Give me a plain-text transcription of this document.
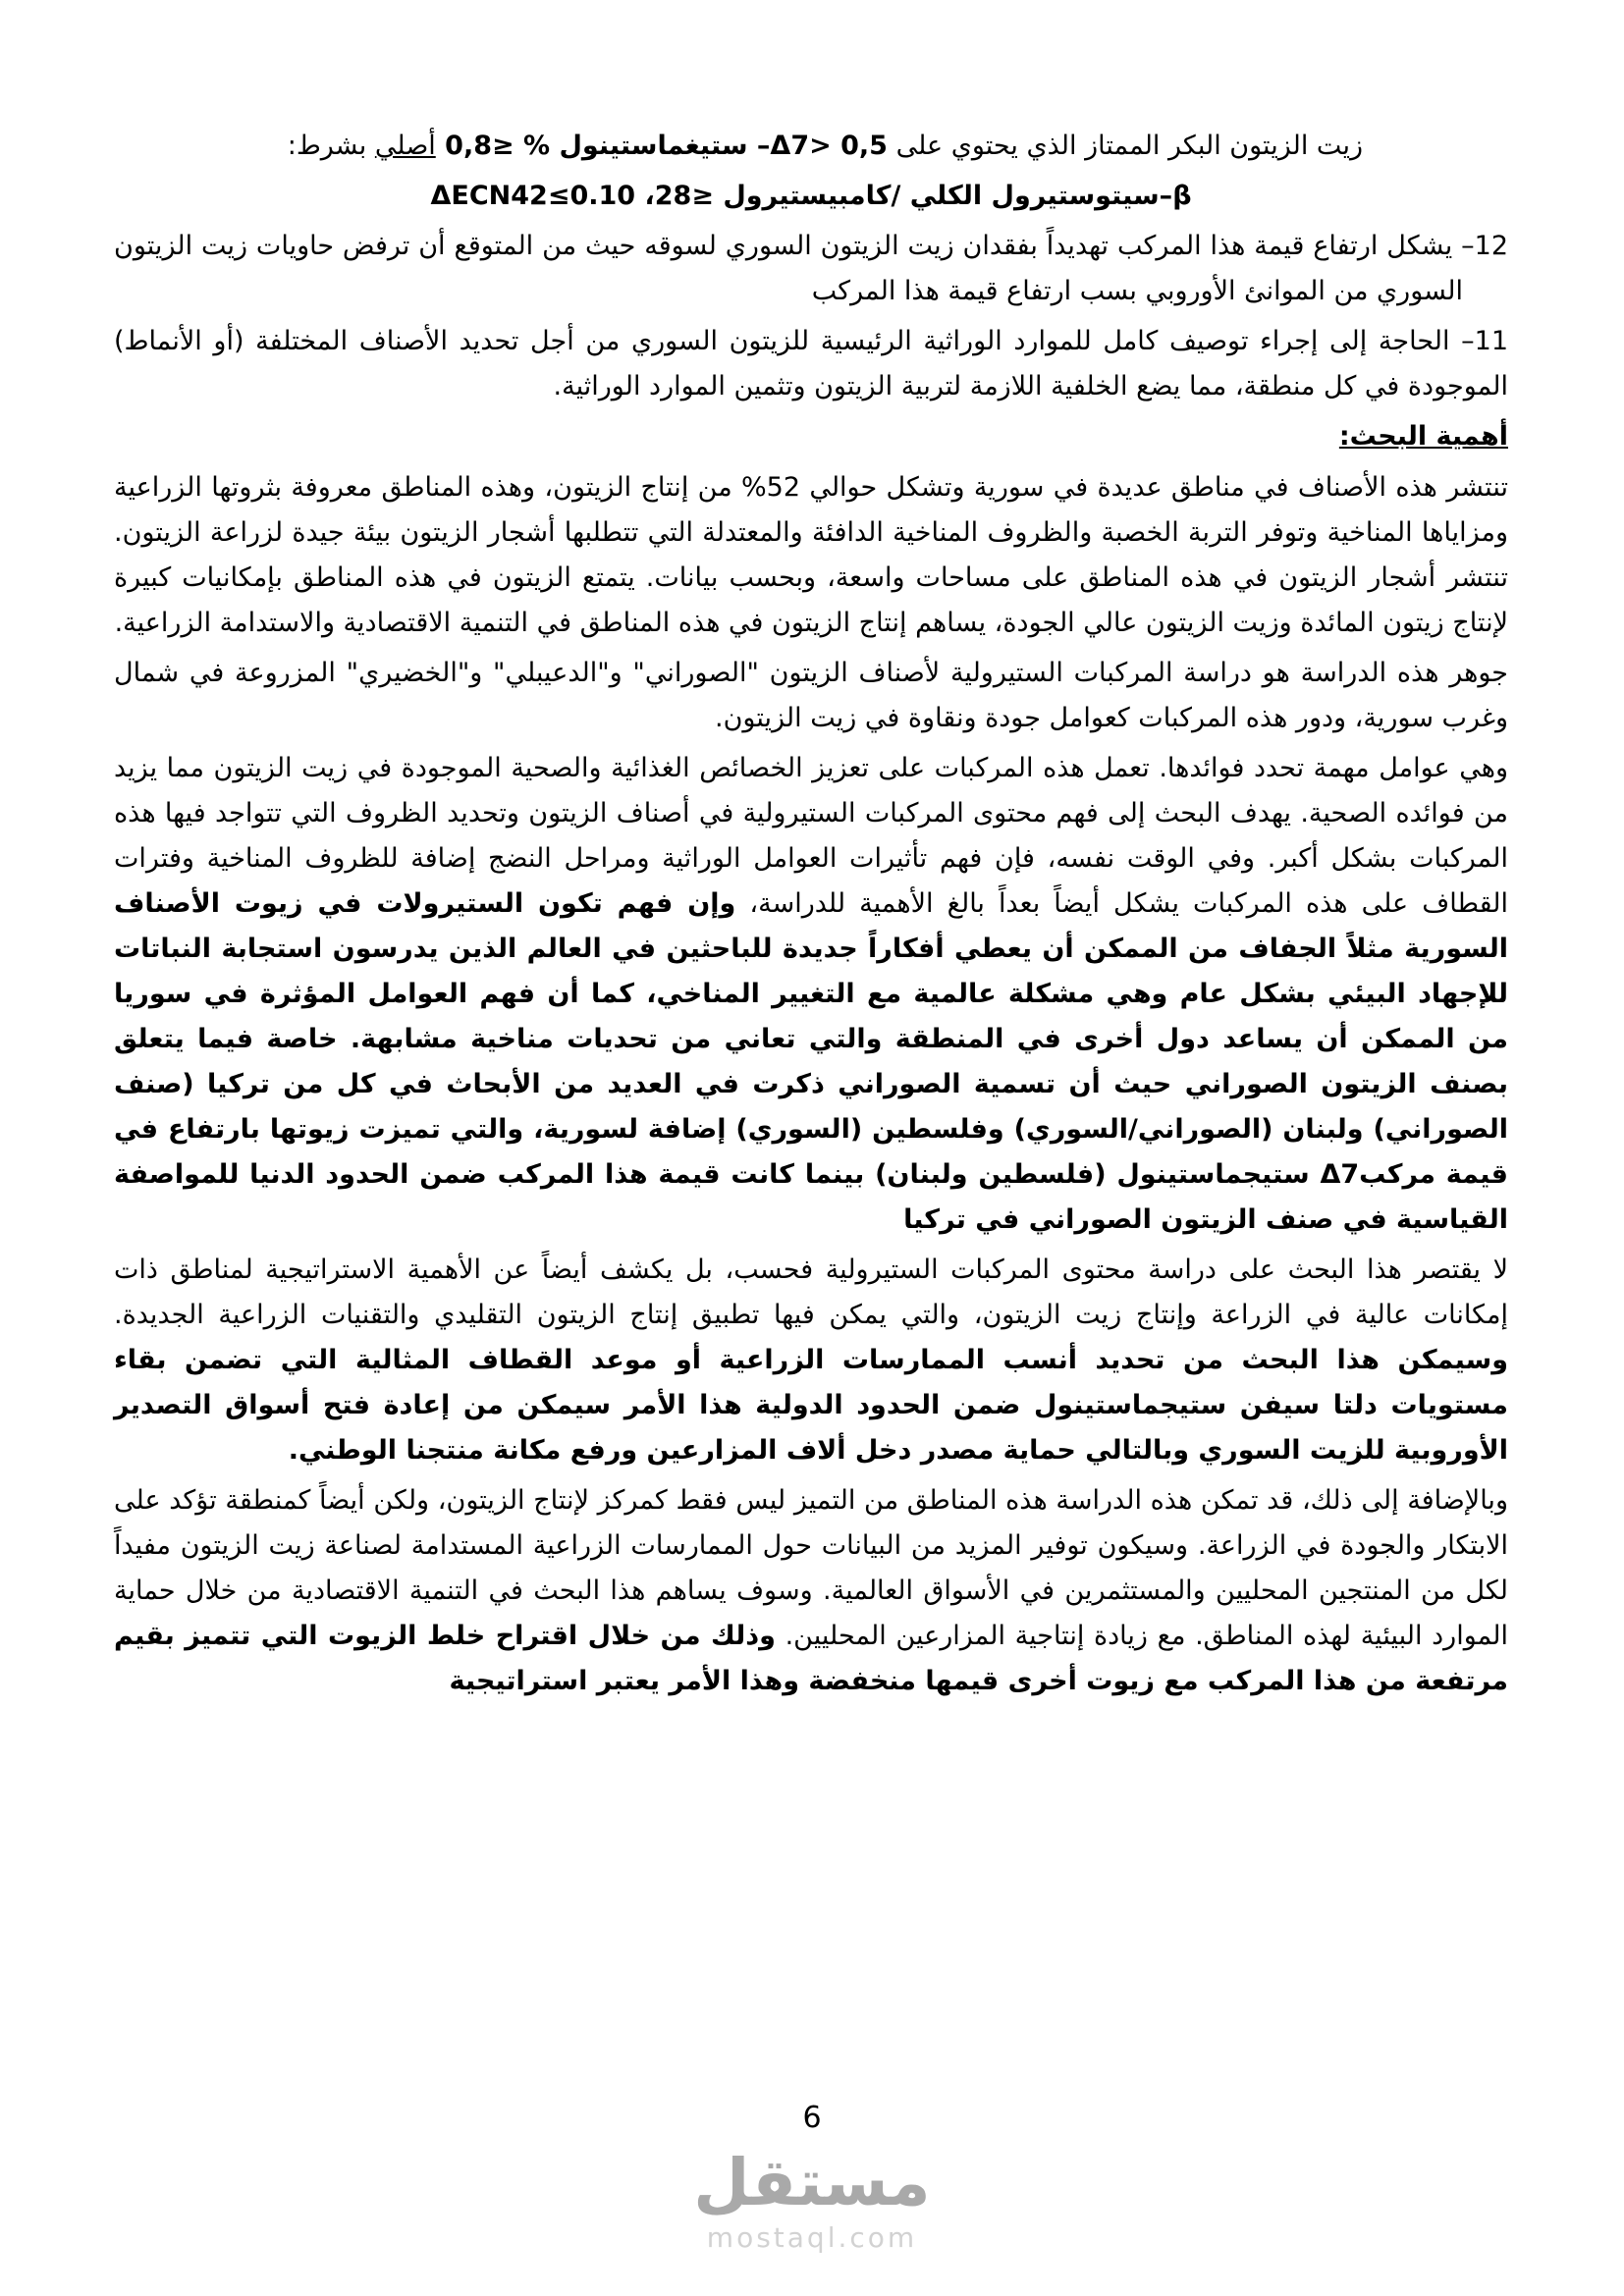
زيت الزيتون البكر الممتاز الذي يحتوي على 0,5 <Δ7– ستيغماستينول % ≤0,8 أصلي بشرط:

β–سيتوستيرول الكلي /كامبيستيرول ≤28، 0.10≥ΔECN42

12– يشكل ارتفاع قيمة هذا المركب تهديداً بفقدان زيت الزيتون السوري لسوقه حيث من المتوقع أن ترفض حاويات زيت الزيتون السوري من الموانئ الأوروبي بسب ارتفاع قيمة هذا المركب

11– الحاجة إلى إجراء توصيف كامل للموارد الوراثية الرئيسية للزيتون السوري من أجل تحديد الأصناف المختلفة (أو الأنماط) الموجودة في كل منطقة، مما يضع الخلفية اللازمة لتربية الزيتون وتثمين الموارد الوراثية.

أهمية البحث:

تنتشر هذه الأصناف في مناطق عديدة في سورية وتشكل حوالي 52% من إنتاج الزيتون، وهذه المناطق معروفة بثروتها الزراعية ومزاياها المناخية وتوفر التربة الخصبة والظروف المناخية الدافئة والمعتدلة التي تتطلبها أشجار الزيتون بيئة جيدة لزراعة الزيتون. تنتشر أشجار الزيتون في هذه المناطق على مساحات واسعة، وبحسب بيانات. يتمتع الزيتون في هذه المناطق بإمكانيات كبيرة لإنتاج زيتون المائدة وزيت الزيتون عالي الجودة، يساهم إنتاج الزيتون في هذه المناطق في التنمية الاقتصادية والاستدامة الزراعية.

جوهر هذه الدراسة هو دراسة المركبات الستيرولية لأصناف الزيتون "الصوراني" و"الدعيبلي" و"الخضيري" المزروعة في شمال وغرب سورية، ودور هذه المركبات كعوامل جودة ونقاوة في زيت الزيتون.

وهي عوامل مهمة تحدد فوائدها. تعمل هذه المركبات على تعزيز الخصائص الغذائية والصحية الموجودة في زيت الزيتون مما يزيد من فوائده الصحية. يهدف البحث إلى فهم محتوى المركبات الستيرولية في أصناف الزيتون وتحديد الظروف التي تتواجد فيها هذه المركبات بشكل أكبر. وفي الوقت نفسه، فإن فهم تأثيرات العوامل الوراثية ومراحل النضج إضافة للظروف المناخية وفترات القطاف على هذه المركبات يشكل أيضاً بعداً بالغ الأهمية للدراسة، وإن فهم تكون الستيرولات في زيوت الأصناف السورية مثلاً الجفاف من الممكن أن يعطي أفكاراً جديدة للباحثين في العالم الذين يدرسون استجابة النباتات للإجهاد البيئي بشكل عام وهي مشكلة عالمية مع التغيير المناخي، كما أن فهم العوامل المؤثرة في سوريا من الممكن أن يساعد دول أخرى في المنطقة والتي تعاني من تحديات مناخية مشابهة. خاصة فيما يتعلق بصنف الزيتون الصوراني حيث أن تسمية الصوراني ذكرت في العديد من الأبحاث في كل من تركيا (صنف الصوراني) ولبنان (الصوراني/السوري) وفلسطين (السوري) إضافة لسورية، والتي تميزت زيوتها بارتفاع في قيمة مركبΔ7 ستيجماستينول (فلسطين ولبنان) بينما كانت قيمة هذا المركب ضمن الحدود الدنيا للمواصفة القياسية في صنف الزيتون الصوراني في تركيا

لا يقتصر هذا البحث على دراسة محتوى المركبات الستيرولية فحسب، بل يكشف أيضاً عن الأهمية الاستراتيجية لمناطق ذات إمكانات عالية في الزراعة وإنتاج زيت الزيتون، والتي يمكن فيها تطبيق إنتاج الزيتون التقليدي والتقنيات الزراعية الجديدة. وسيمكن هذا البحث من تحديد أنسب الممارسات الزراعية أو موعد القطاف المثالية التي تضمن بقاء مستويات دلتا سيفن ستيجماستينول ضمن الحدود الدولية هذا الأمر سيمكن من إعادة فتح أسواق التصدير الأوروبية للزيت السوري وبالتالي حماية مصدر دخل ألاف المزارعين ورفع مكانة منتجنا الوطني.

وبالإضافة إلى ذلك، قد تمكن هذه الدراسة هذه المناطق من التميز ليس فقط كمركز لإنتاج الزيتون، ولكن أيضاً كمنطقة تؤكد على الابتكار والجودة في الزراعة. وسيكون توفير المزيد من البيانات حول الممارسات الزراعية المستدامة لصناعة زيت الزيتون مفيداً لكل من المنتجين المحليين والمستثمرين في الأسواق العالمية. وسوف يساهم هذا البحث في التنمية الاقتصادية من خلال حماية الموارد البيئية لهذه المناطق. مع زيادة إنتاجية المزارعين المحليين. وذلك من خلال اقتراح خلط الزيوت التي تتميز بقيم مرتفعة من هذا المركب مع زيوت أخرى قيمها منخفضة وهذا الأمر يعتبر استراتيجية

6
مستقل
mostaql.com
